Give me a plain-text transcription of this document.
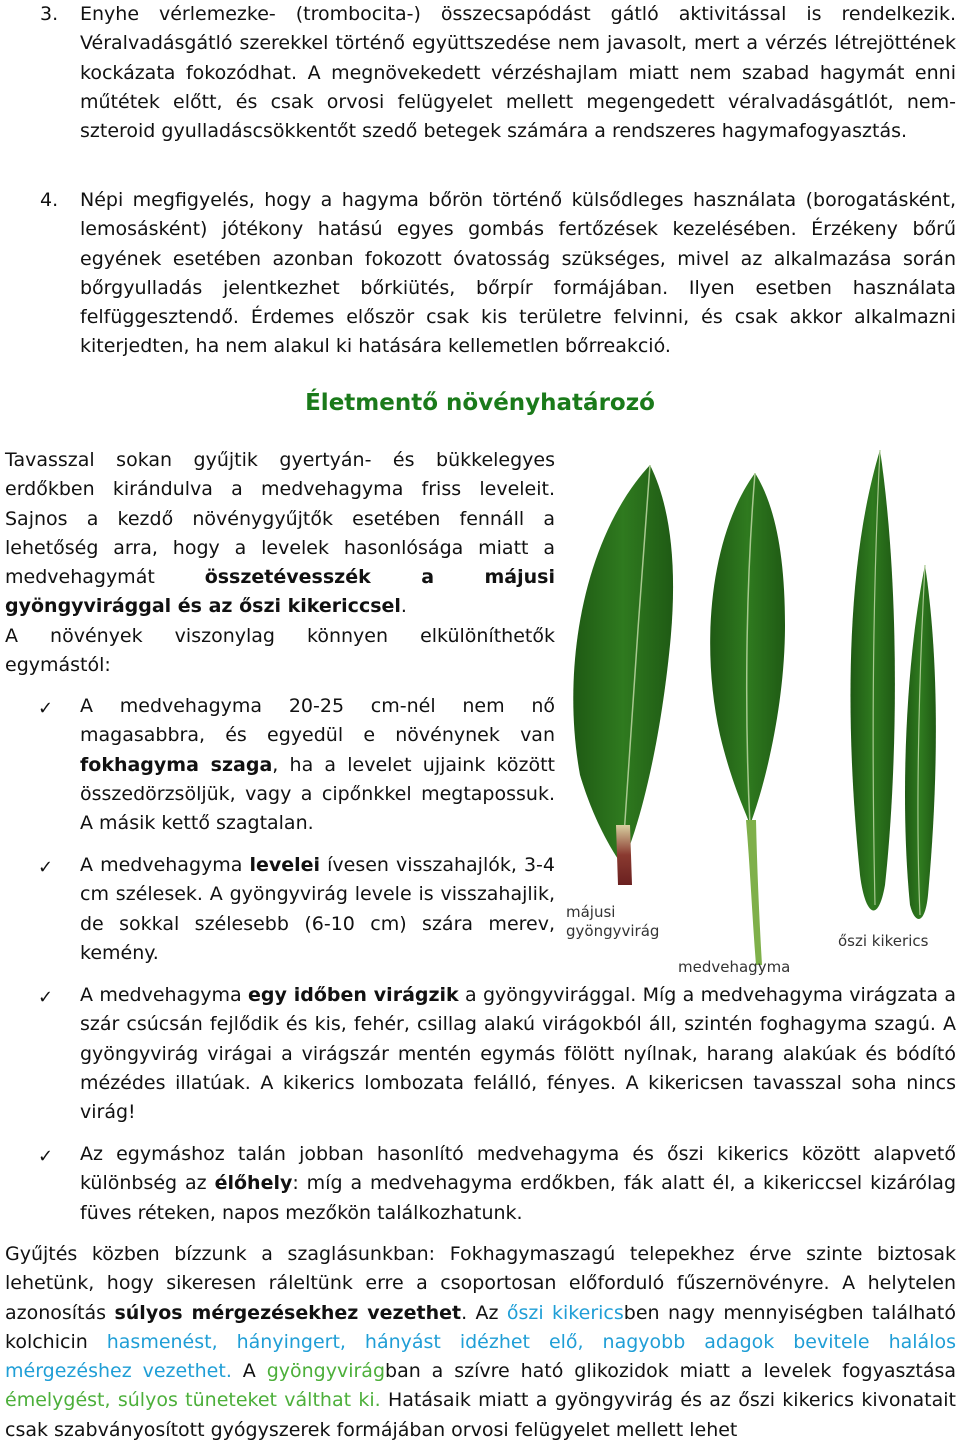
3. Enyhe vérlemezke- (trombocita-) összecsapódást gátló aktivitással is rendelkezik. Véralvadásgátló szerekkel történő együttszedése nem javasolt, mert a vérzés létrejöttének kockázata fokozódhat. A megnövekedett vérzéshajlam miatt nem szabad hagymát enni műtétek előtt, és csak orvosi felügyelet mellett megengedett véralvadásgátlót, nem-szteroid gyulladáscsökkentőt szedő betegek számára a rendszeres hagymafogyasztás.

4. Népi megfigyelés, hogy a hagyma bőrön történő külsődleges használata (borogatásként, lemosásként) jótékony hatású egyes gombás fertőzések kezelésében. Érzékeny bőrű egyének esetében azonban fokozott óvatosság szükséges, mivel az alkalmazása során bőrgyulladás jelentkezhet bőrkiütés, bőrpír formájában. Ilyen esetben használata felfüggesztendő. Érdemes először csak kis területre felvinni, és csak akkor alkalmazni kiterjedten, ha nem alakul ki hatására kellemetlen bőrreakció.

Életmentő növényhatározó

Tavasszal sokan gyűjtik gyertyán- és bükkelegyes erdőkben kirándulva a medvehagyma friss leveleit. Sajnos a kezdő növénygyűjtők esetében fennáll a lehetőség arra, hogy a levelek hasonlósága miatt a medvehagymát összetévesszék a májusi gyöngyvirággal és az őszi kikericcsel.

A növények viszonylag könnyen elkülöníthetők egymástól:

✓ A medvehagyma 20-25 cm-nél nem nő magasabbra, és egyedül e növénynek van fokhagyma szaga, ha a levelet ujjaink között összedörzsöljük, vagy a cipőnkkel megtapossuk. A másik kettő szagtalan.

✓ A medvehagyma levelei ívesen visszahajlók, 3-4 cm szélesek. A gyöngyvirág levele is visszahajlik, de sokkal szélesebb (6-10 cm) szára merev, kemény.

✓ A medvehagyma egy időben virágzik a gyöngyvirággal. Míg a medvehagyma virágzata a szár csúcsán fejlődik és kis, fehér, csillag alakú virágokból áll, szintén foghagyma szagú. A gyöngyvirág virágai a virágszár mentén egymás fölött nyílnak, harang alakúak és bódító mézédes illatúak. A kikerics lombozata felálló, fényes. A kikericsen tavasszal soha nincs virág!

✓ Az egymáshoz talán jobban hasonlító medvehagyma és őszi kikerics között alapvető különbség az élőhely: míg a medvehagyma erdőkben, fák alatt él, a kikericcsel kizárólag füves réteken, napos mezőkön találkozhatunk.

Gyűjtés közben bízzunk a szaglásunkban: Fokhagymaszagú telepekhez érve szinte biztosak lehetünk, hogy sikeresen ráleltünk erre a csoportosan előforduló fűszernövényre. A helytelen azonosítás súlyos mérgezésekhez vezethet. Az őszi kikericsben nagy mennyiségben található kolchicin hasmenést, hányingert, hányást idézhet elő, nagyobb adagok bevitele halálos mérgezéshez vezethet. A gyöngyvirágban a szívre ható glikozidok miatt a levelek fogyasztása émelygést, súlyos tüneteket válthat ki. Hatásaik miatt a gyöngyvirág és az őszi kikerics kivonatait csak szabványosított gyógyszerek formájában orvosi felügyelet mellett lehet

májusi gyöngyvirág
medvehagyma
őszi kikerics
